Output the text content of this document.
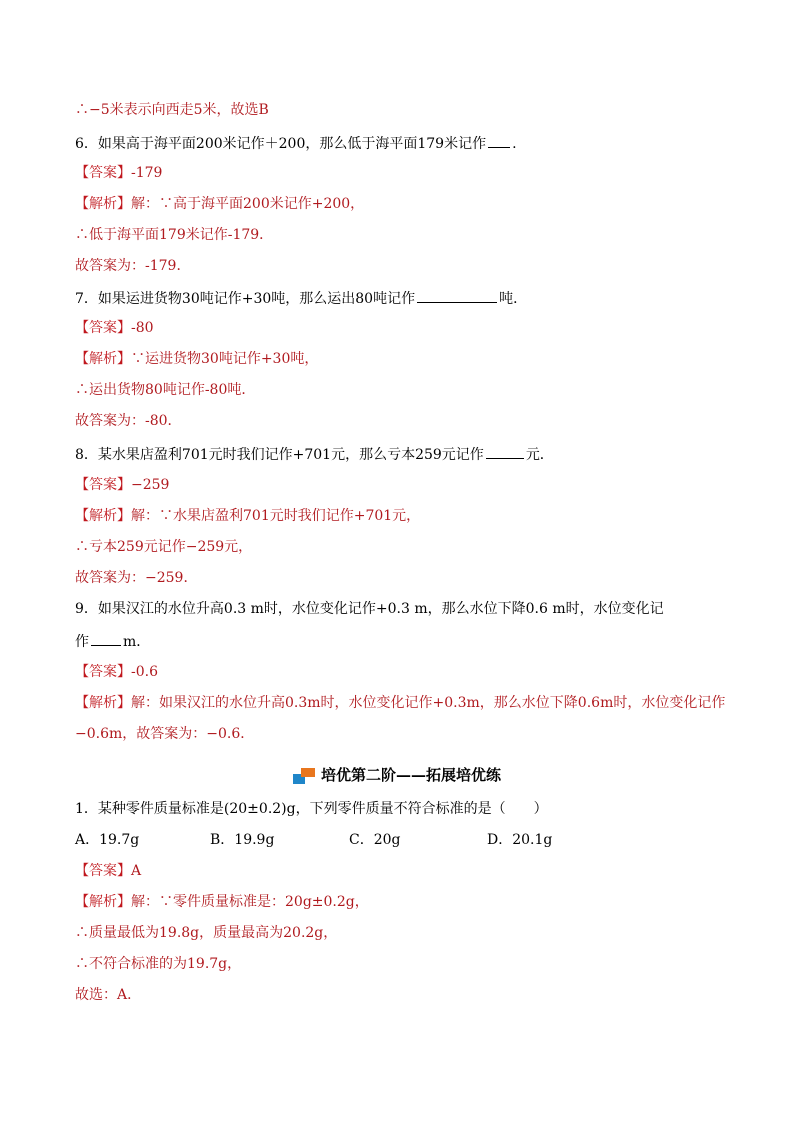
∴−5米表示向西走5米，故选B
6．如果高于海平面200米记作＋200，那么低于海平面179米记作 .
【答案】-179
【解析】解：∵高于海平面200米记作+200，
∴低于海平面179米记作-179．
故答案为：-179．
7．如果运进货物30吨记作+30吨，那么运出80吨记作	吨．
【答案】-80
【解析】∵运进货物30吨记作+30吨，
∴运出货物80吨记作-80吨．
故答案为：-80．
8．某水果店盈利701元时我们记作+701元，那么亏本259元记作	元．
【答案】−259
【解析】解：∵水果店盈利701元时我们记作+701元，
∴亏本259元记作−259元，
故答案为：−259．
9．如果汉江的水位升高0.3 m时，水位变化记作+0.3 m，那么水位下降0.6 m时，水位变化记
作 m．
【答案】-0.6
【解析】解：如果汉江的水位升高0.3m时，水位变化记作+0.3m，那么水位下降0.6m时，水位变化记作
−0.6m，故答案为：−0.6．
培优第二阶——拓展培优练
1．某种零件质量标准是(20±0.2)g，下列零件质量不符合标准的是（　　）
A．19.7g	B．19.9g	C．20g	D．20.1g
【答案】A
【解析】解：∵零件质量标准是：20g±0.2g，
∴质量最低为19.8g，质量最高为20.2g，
∴不符合标准的为19.7g，
故选：A．
